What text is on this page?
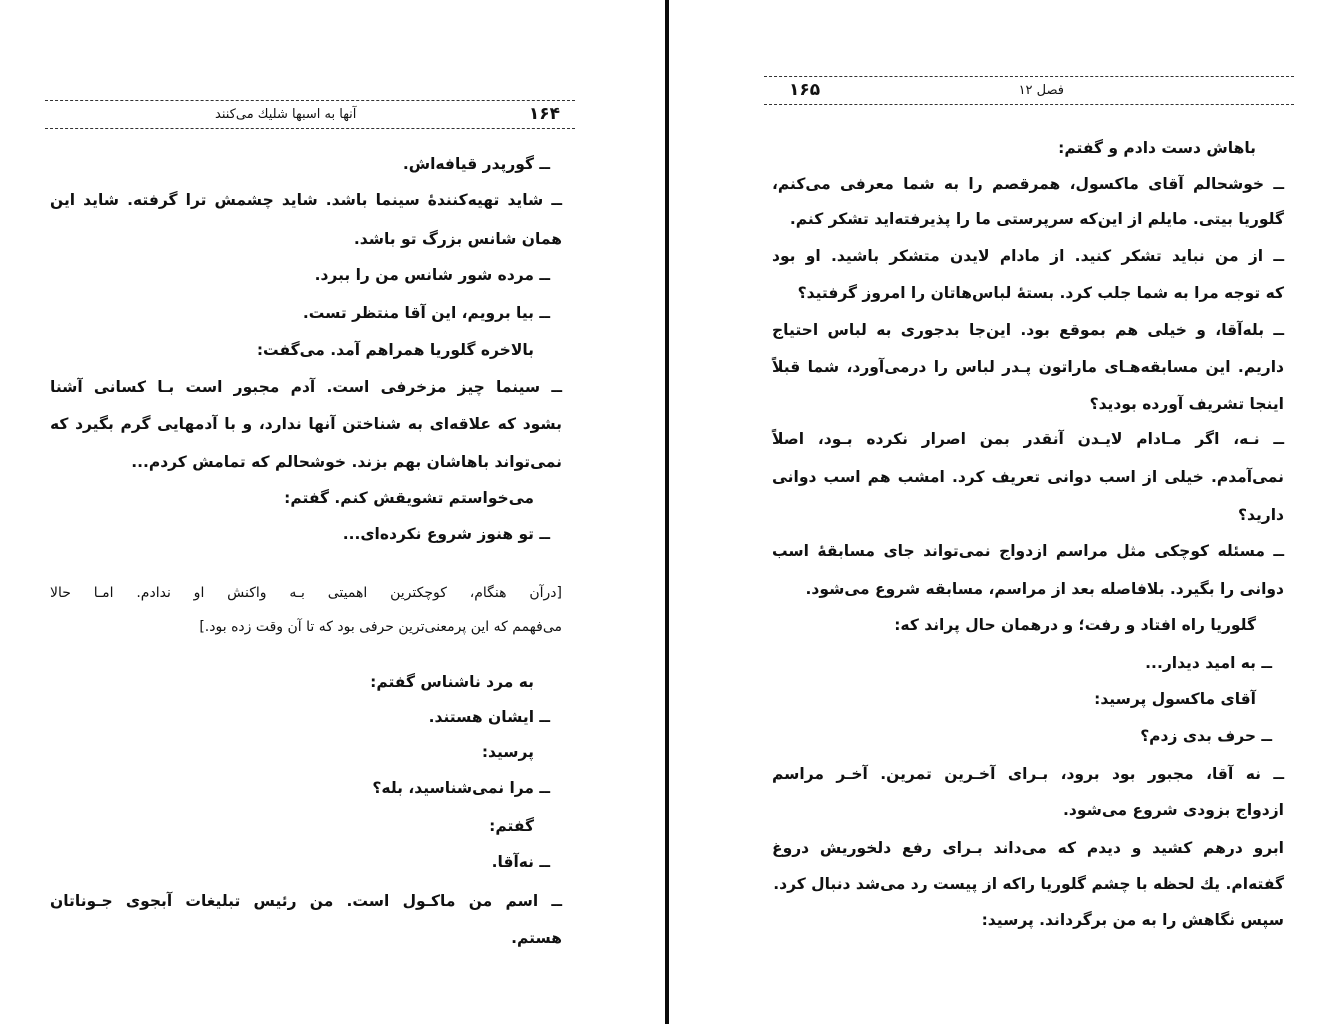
۱۶۴
آنها به اسبها شلیك می‌كنند
ــ گورپدر قیافه‌اش.
ــ شاید تهیه‌كنندهٔ سینما باشد. شاید چشمش ترا گرفته. شاید این
همان شانس بزرگ تو باشد.
ــ مرده شور شانس من را ببرد.
ــ بیا برویم، این آقا منتظر تست.
بالاخره گلوریا همراهم آمد. می‌گفت:
ــ سینما چیز مزخرفی است. آدم مجبور است بـا كسانی آشنا
بشود كه علاقه‌ای به شناختن آنها ندارد، و با آدمهایی گرم بگیرد كه
نمی‌تواند باهاشان بهم بزند. خوشحالم كه تمامش كردم...
می‌خواستم تشویقش كنم. گفتم:
ــ تو هنوز شروع نكرده‌ای...
[درآن هنگام، كوچكترین اهمیتی بـه واكنش او ندادم. امـا حالا
می‌فهمم كه این پرمعنی‌ترین حرفی بود كه تا آن وقت زده بود.]
به مرد ناشناس گفتم:
ــ ایشان هستند.
پرسید:
ــ مرا نمی‌شناسید، بله؟
گفتم:
ــ نه‌آقا.
ــ اسم من ماكـول است. من رئیس تبلیغات آبجوی جـوناتان
هستم.
۱۶۵	فصل ۱۲
باهاش دست دادم و گفتم:
ــ خوشحالم آقای ماكسول، همرقصم را به شما معرفی می‌كنم،
گلوریا بیتی. مایلم از این‌كه سرپرستی ما را پذیرفته‌اید تشكر كنم.
ــ از من نباید تشكر كنید. از مادام لایدن متشكر باشید. او بود
كه توجه مرا به شما جلب كرد. بستهٔ لباس‌هاتان را امروز گرفتید؟
ــ بله‌آقا، و خیلی هم بموقع بود. این‌جا بدجوری به لباس احتیاج
داریم. این مسابقه‌هـای ماراتون پـدر لباس را درمی‌آورد، شما قبلاً
اینجا تشریف آورده بودید؟
ــ نـه، اگر مـادام لایـدن آنقدر بمن اصرار نكرده بـود، اصلاً
نمی‌آمدم. خیلی از اسب دوانی تعریف كرد. امشب هم اسب دوانی
دارید؟
ــ مسئله كوچكی مثل مراسم ازدواج نمی‌تواند جای مسابقهٔ اسب‌
دوانی را بگیرد. بلافاصله بعد از مراسم، مسابقه شروع می‌شود.
گلوریا راه افتاد و رفت؛ و درهمان حال پراند كه:
ــ به امید دیدار...
آقای ماكسول پرسید:
ــ حرف بدی زدم؟
ــ نه آقا، مجبور بود برود، بـرای آخـرین تمرین. آخـر مراسم
ازدواج بزودی شروع می‌شود.
ابرو درهم كشید و دیدم كه می‌داند بـرای رفع دلخوریش دروغ
گفته‌ام. یك لحظه با چشم گلوریا راكه از پیست رد می‌شد دنبال كرد.
سپس نگاهش را به من برگرداند. پرسید:
